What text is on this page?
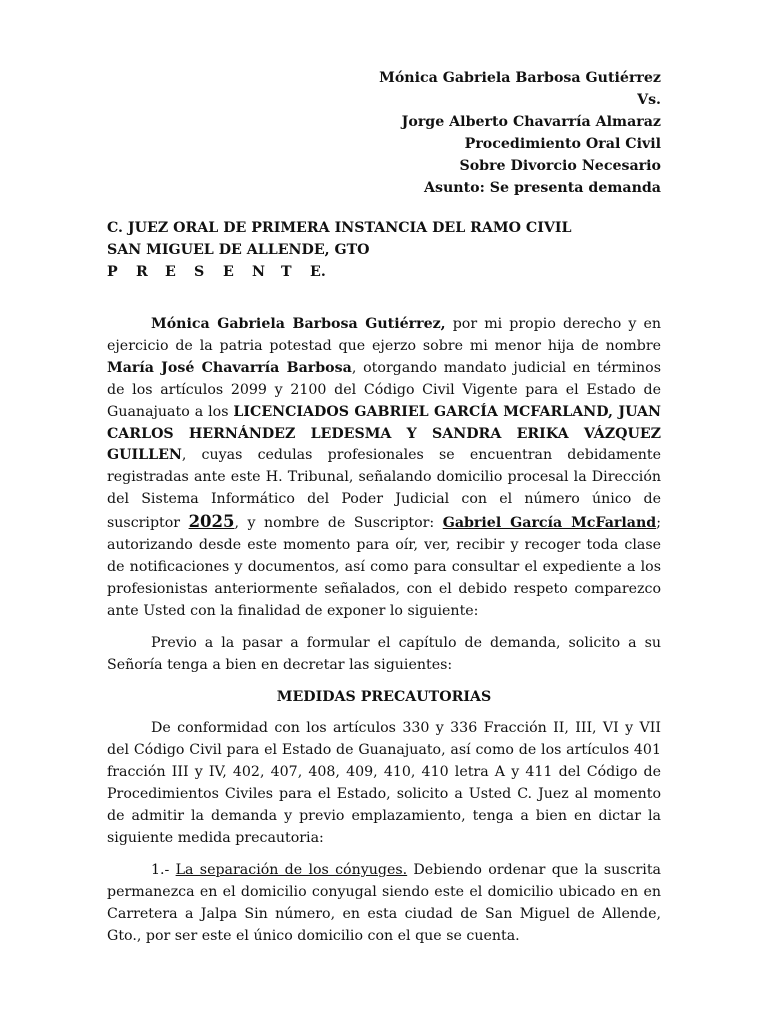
Mónica Gabriela Barbosa Gutiérrez
Vs.
Jorge Alberto Chavarría Almaraz
Procedimiento Oral Civil
Sobre Divorcio Necesario
Asunto: Se presenta demanda
C. JUEZ ORAL DE PRIMERA INSTANCIA DEL RAMO CIVIL
SAN MIGUEL DE ALLENDE, GTO
P R E S E N T E.

Mónica Gabriela Barbosa Gutiérrez, por mi propio derecho y en ejercicio de la patria potestad que ejerzo sobre mi menor hija de nombre María José Chavarría Barbosa, otorgando mandato judicial en términos de los artículos 2099 y 2100 del Código Civil Vigente para el Estado de Guanajuato a los LICENCIADOS GABRIEL GARCÍA MCFARLAND, JUAN CARLOS HERNÁNDEZ LEDESMA Y SANDRA ERIKA VÁZQUEZ GUILLEN, cuyas cedulas profesionales se encuentran debidamente registradas ante este H. Tribunal, señalando domicilio procesal la Dirección del Sistema Informático del Poder Judicial con el número único de suscriptor 2025, y nombre de Suscriptor: Gabriel García McFarland; autorizando desde este momento para oír, ver, recibir y recoger toda clase de notificaciones y documentos, así como para consultar el expediente a los profesionistas anteriormente señalados, con el debido respeto comparezco ante Usted con la finalidad de exponer lo siguiente:

Previo a la pasar a formular el capítulo de demanda, solicito a su Señoría tenga a bien en decretar las siguientes:

MEDIDAS PRECAUTORIAS

De conformidad con los artículos 330 y 336 Fracción II, III, VI y VII del Código Civil para el Estado de Guanajuato, así como de los artículos 401 fracción III y IV, 402, 407, 408, 409, 410, 410 letra A y 411 del Código de Procedimientos Civiles para el Estado, solicito a Usted C. Juez al momento de admitir la demanda y previo emplazamiento, tenga a bien en dictar la siguiente medida precautoria:

1.- La separación de los cónyuges. Debiendo ordenar que la suscrita permanezca en el domicilio conyugal siendo este el domicilio ubicado en en Carretera a Jalpa Sin número, en esta ciudad de San Miguel de Allende, Gto., por ser este el único domicilio con el que se cuenta.
